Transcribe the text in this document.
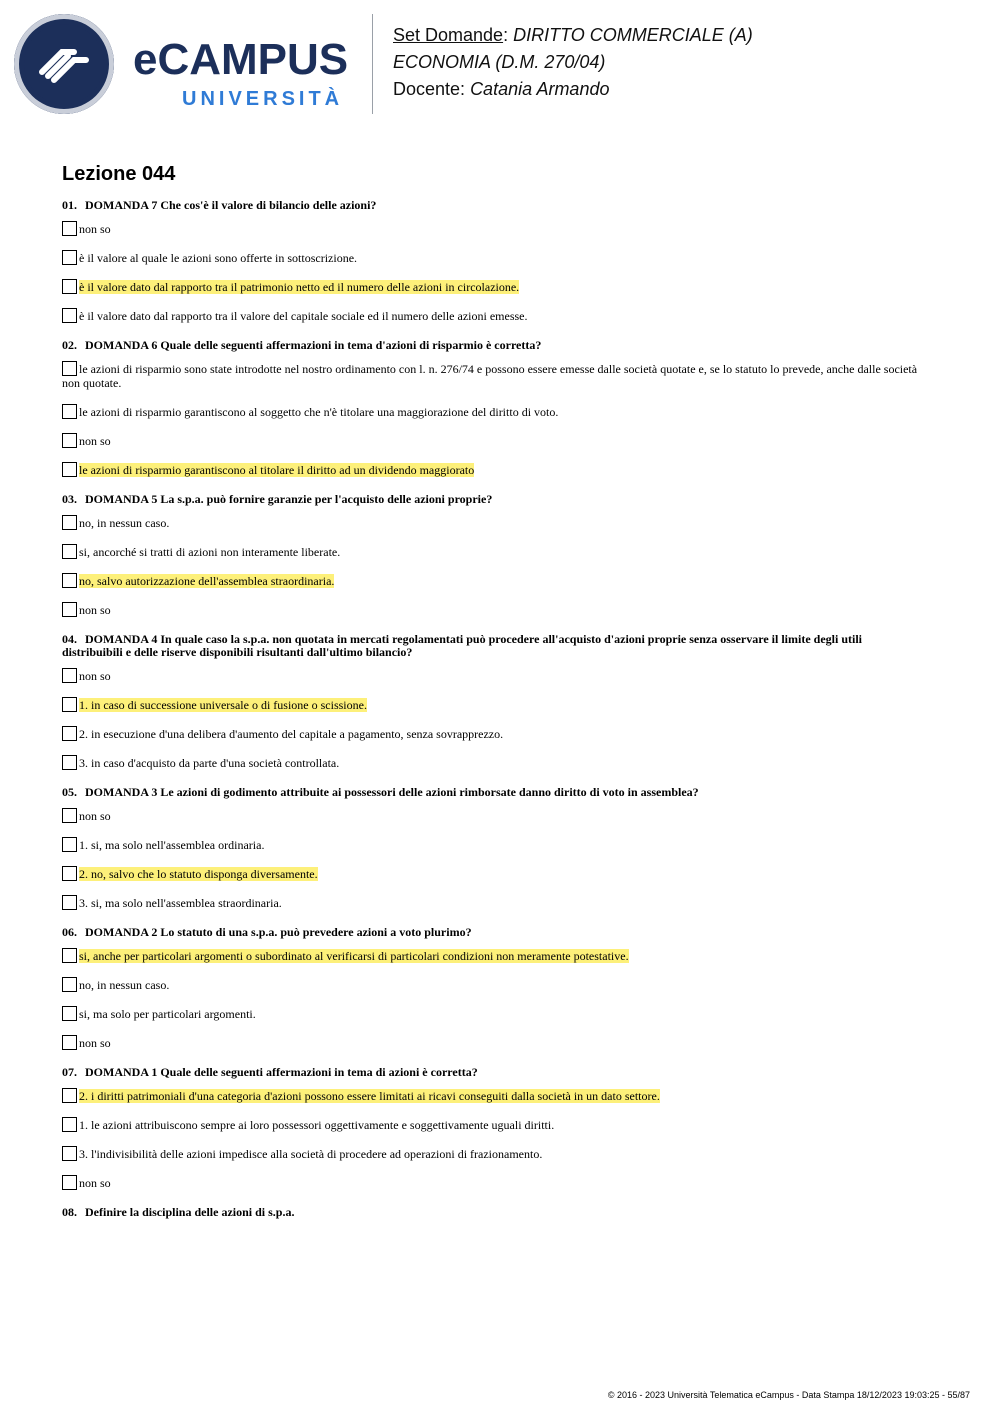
eCAMPUS
UNIVERSITÀ
Set Domande: DIRITTO COMMERCIALE (A)
ECONOMIA (D.M. 270/04)
Docente: Catania Armando
Lezione 044
01. DOMANDA 7 Che cos'è il valore di bilancio delle azioni?
non so
è il valore al quale le azioni sono offerte in sottoscrizione.
è il valore dato dal rapporto tra il patrimonio netto ed il numero delle azioni in circolazione.
è il valore dato dal rapporto tra il valore del capitale sociale ed il numero delle azioni emesse.
02. DOMANDA 6 Quale delle seguenti affermazioni in tema d'azioni di risparmio è corretta?
le azioni di risparmio sono state introdotte nel nostro ordinamento con l. n. 276/74 e possono essere emesse dalle società quotate e, se lo statuto lo prevede, anche dalle società non quotate.
le azioni di risparmio garantiscono al soggetto che n'è titolare una maggiorazione del diritto di voto.
non so
le azioni di risparmio garantiscono al titolare il diritto ad un dividendo maggiorato
03. DOMANDA 5 La s.p.a. può fornire garanzie per l'acquisto delle azioni proprie?
no, in nessun caso.
si, ancorché si tratti di azioni non interamente liberate.
no, salvo autorizzazione dell'assemblea straordinaria.
non so
04. DOMANDA 4 In quale caso la s.p.a. non quotata in mercati regolamentati può procedere all'acquisto d'azioni proprie senza osservare il limite degli utili distribuibili e delle riserve disponibili risultanti dall'ultimo bilancio?
non so
1. in caso di successione universale o di fusione o scissione.
2. in esecuzione d'una delibera d'aumento del capitale a pagamento, senza sovrapprezzo.
3. in caso d'acquisto da parte d'una società controllata.
05. DOMANDA 3 Le azioni di godimento attribuite ai possessori delle azioni rimborsate danno diritto di voto in assemblea?
non so
1. si, ma solo nell'assemblea ordinaria.
2. no, salvo che lo statuto disponga diversamente.
3. si, ma solo nell'assemblea straordinaria.
06. DOMANDA 2 Lo statuto di una s.p.a. può prevedere azioni a voto plurimo?
si, anche per particolari argomenti o subordinato al verificarsi di particolari condizioni non meramente potestative.
no, in nessun caso.
si, ma solo per particolari argomenti.
non so
07. DOMANDA 1 Quale delle seguenti affermazioni in tema di azioni è corretta?
2. i diritti patrimoniali d'una categoria d'azioni possono essere limitati ai ricavi conseguiti dalla società in un dato settore.
1. le azioni attribuiscono sempre ai loro possessori oggettivamente e soggettivamente uguali diritti.
3. l'indivisibilità delle azioni impedisce alla società di procedere ad operazioni di frazionamento.
non so
08. Definire la disciplina delle azioni di s.p.a.
© 2016 - 2023 Università Telematica eCampus - Data Stampa 18/12/2023 19:03:25 - 55/87
